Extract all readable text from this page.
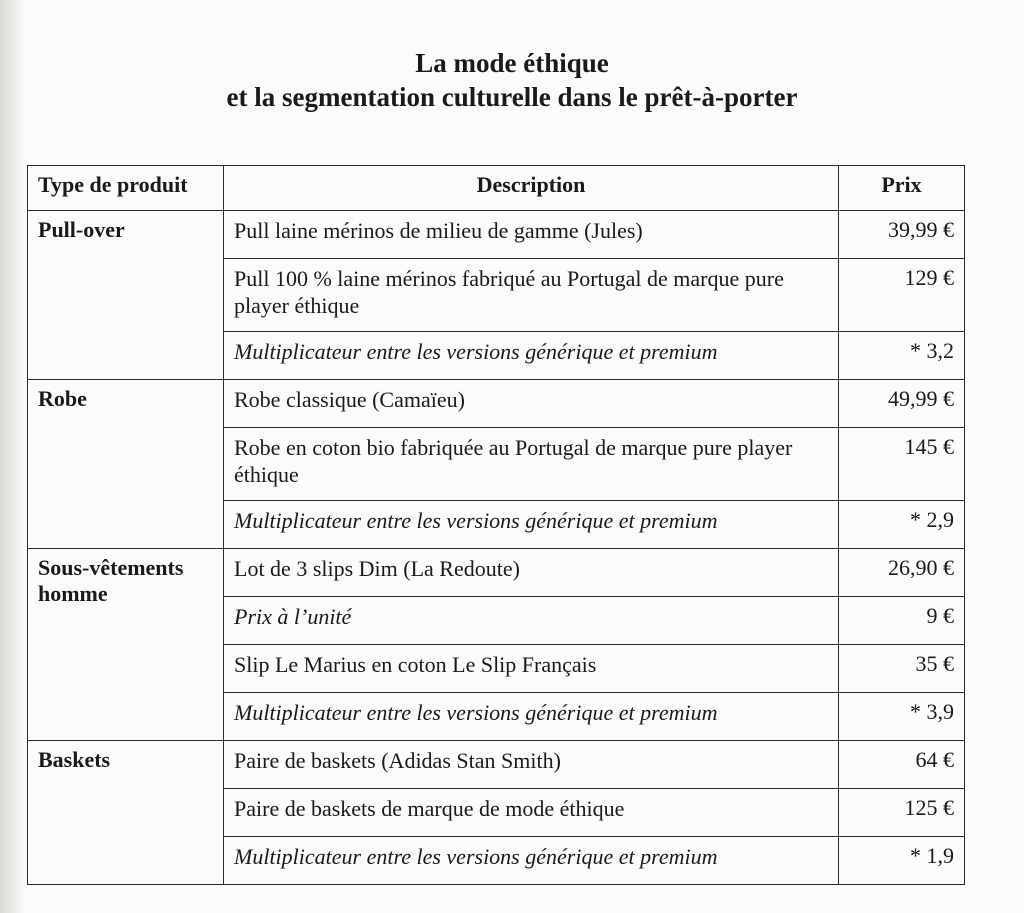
La mode éthique
et la segmentation culturelle dans le prêt-à-porter
Type de produit	Description	Prix
Pull-over	Pull laine mérinos de milieu de gamme (Jules)	39,99 €
	Pull 100 % laine mérinos fabriqué au Portugal de marque pure player éthique	129 €
	Multiplicateur entre les versions générique et premium	* 3,2
Robe	Robe classique (Camaïeu)	49,99 €
	Robe en coton bio fabriquée au Portugal de marque pure player éthique	145 €
	Multiplicateur entre les versions générique et premium	* 2,9
Sous-vêtements homme	Lot de 3 slips Dim (La Redoute)	26,90 €
	Prix à l’unité	9 €
	Slip Le Marius en coton Le Slip Français	35 €
	Multiplicateur entre les versions générique et premium	* 3,9
Baskets	Paire de baskets (Adidas Stan Smith)	64 €
	Paire de baskets de marque de mode éthique	125 €
	Multiplicateur entre les versions générique et premium	* 1,9
